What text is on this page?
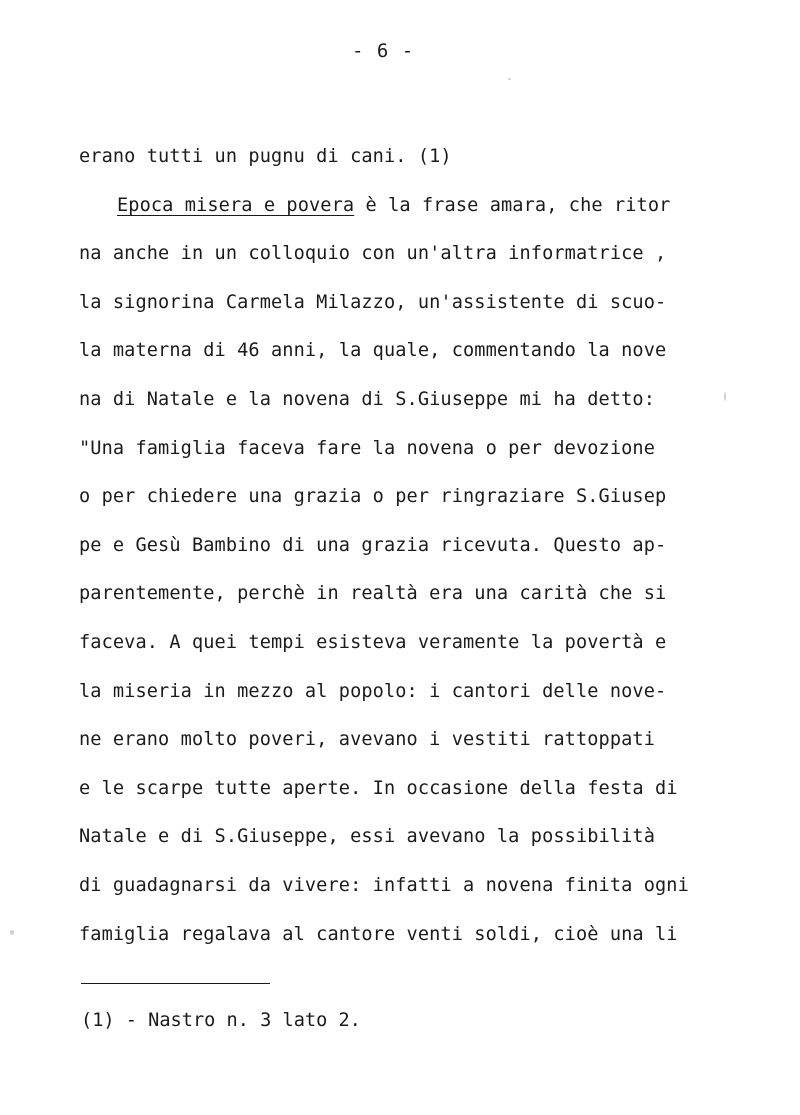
- 6 -
erano tutti un pugnu di cani. (1)
Epoca misera e povera è la frase amara, che ritor
na anche in un colloquio con un'altra informatrice ,
la signorina Carmela Milazzo, un'assistente di scuo-
la materna di 46 anni, la quale, commentando la nove
na di Natale e la novena di S.Giuseppe mi ha detto:
"Una famiglia faceva fare la novena o per devozione
o per chiedere una grazia o per ringraziare S.Giusep
pe e Gesù Bambino di una grazia ricevuta. Questo ap-
parentemente, perchè in realtà era una carità che si
faceva. A quei tempi esisteva veramente la povertà e
la miseria in mezzo al popolo: i cantori delle nove-
ne erano molto poveri, avevano i vestiti rattoppati
e le scarpe tutte aperte. In occasione della festa di
Natale e di S.Giuseppe, essi avevano la possibilità
di guadagnarsi da vivere: infatti a novena finita ogni
famiglia regalava al cantore venti soldi, cioè una li
(1) - Nastro n. 3 lato 2.
